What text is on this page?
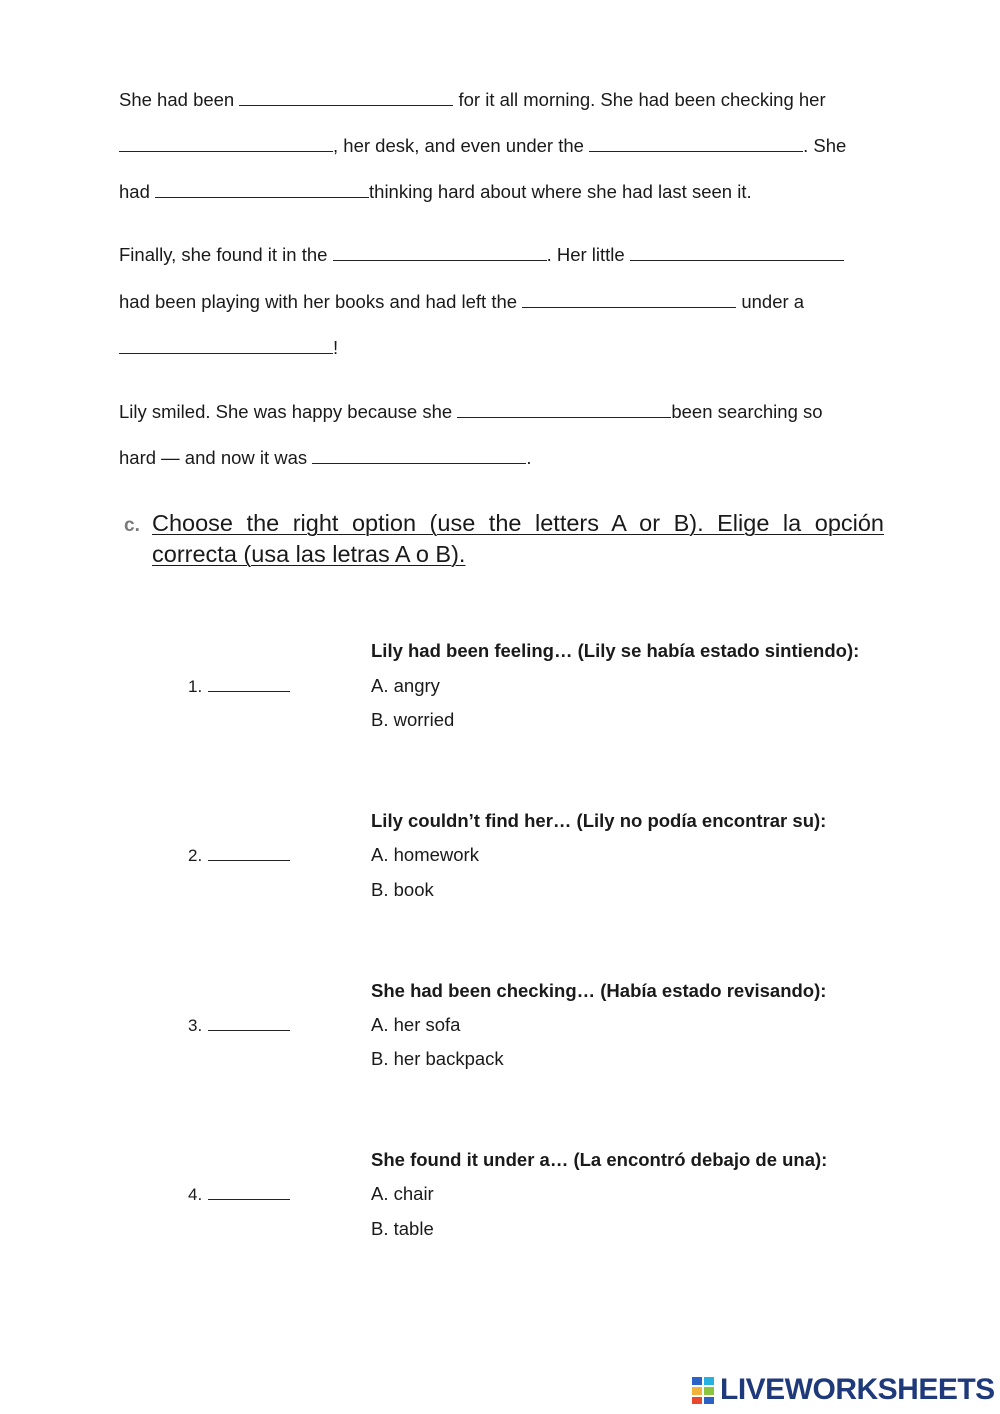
She had been	for it all morning. She had been checking her
, her desk, and even under the	. She
had	thinking hard about where she had last seen it.
Finally, she found it in the	. Her little
had been playing with her books and had left the	under a
!
Lily smiled. She was happy because she	been searching so
hard — and now it was	.
c. Choose the right option (use the letters A or B). Elige la opción correcta (usa las letras A o B).
Lily had been feeling… (Lily se había estado sintiendo):
1.	A. angry
B. worried
Lily couldn’t find her… (Lily no podía encontrar su):
2.	A. homework
B. book
She had been checking… (Había estado revisando):
3.	A. her sofa
B. her backpack
She found it under a… (La encontró debajo de una):
4.	A. chair
B. table
LIVEWORKSHEETS
